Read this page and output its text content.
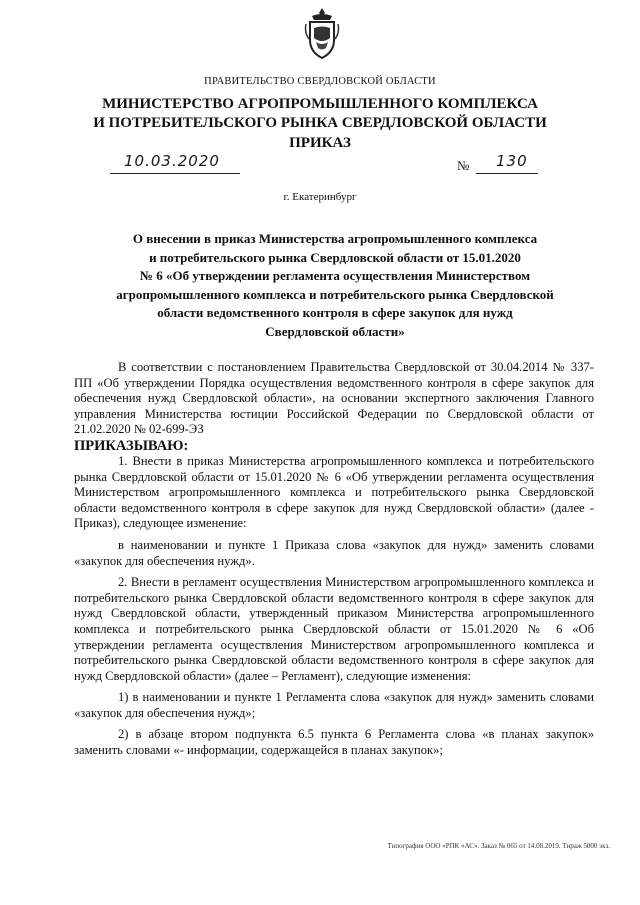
ПРАВИТЕЛЬСТВО СВЕРДЛОВСКОЙ ОБЛАСТИ
МИНИСТЕРСТВО АГРОПРОМЫШЛЕННОГО КОМПЛЕКСА
И ПОТРЕБИТЕЛЬСКОГО РЫНКА СВЕРДЛОВСКОЙ ОБЛАСТИ
ПРИКАЗ
10.03.2020	№ 130
г. Екатеринбург
О внесении в приказ Министерства агропромышленного комплекса
и потребительского рынка Свердловской области от 15.01.2020
№ 6 «Об утверждении регламента осуществления Министерством
агропромышленного комплекса и потребительского рынка Свердловской
области ведомственного контроля в сфере закупок для нужд
Свердловской области»

В соответствии с постановлением Правительства Свердловской от 30.04.2014 № 337-ПП «Об утверждении Порядка осуществления ведомственного контроля в сфере закупок для обеспечения нужд Свердловской области», на основании экспертного заключения Главного управления Министерства юстиции Российской Федерации по Свердловской области от 21.02.2020 № 02-699-ЭЗ

ПРИКАЗЫВАЮ:

1. Внести в приказ Министерства агропромышленного комплекса и потребительского рынка Свердловской области от 15.01.2020 № 6 «Об утверждении регламента осуществления Министерством агропромышленного комплекса и потребительского рынка Свердловской области ведомственного контроля в сфере закупок для нужд Свердловской области» (далее - Приказ), следующее изменение:

в наименовании и пункте 1 Приказа слова «закупок для нужд» заменить словами «закупок для обеспечения нужд».

2. Внести в регламент осуществления Министерством агропромышленного комплекса и потребительского рынка Свердловской области ведомственного контроля в сфере закупок для нужд Свердловской области, утвержденный приказом Министерства агропромышленного комплекса и потребительского рынка Свердловской области от 15.01.2020 № 6 «Об утверждении регламента осуществления Министерством агропромышленного комплекса и потребительского рынка Свердловской области ведомственного контроля в сфере закупок для нужд Свердловской области» (далее – Регламент), следующие изменения:

1) в наименовании и пункте 1 Регламента слова «закупок для нужд» заменить словами «закупок для обеспечения нужд»;

2) в абзаце втором подпункта 6.5 пункта 6 Регламента слова «в планах закупок» заменить словами «- информации, содержащейся в планах закупок»;

Типография ООО «РПК «АС». Заказ № 065 от 14.08.2019. Тираж 5000 экз.
